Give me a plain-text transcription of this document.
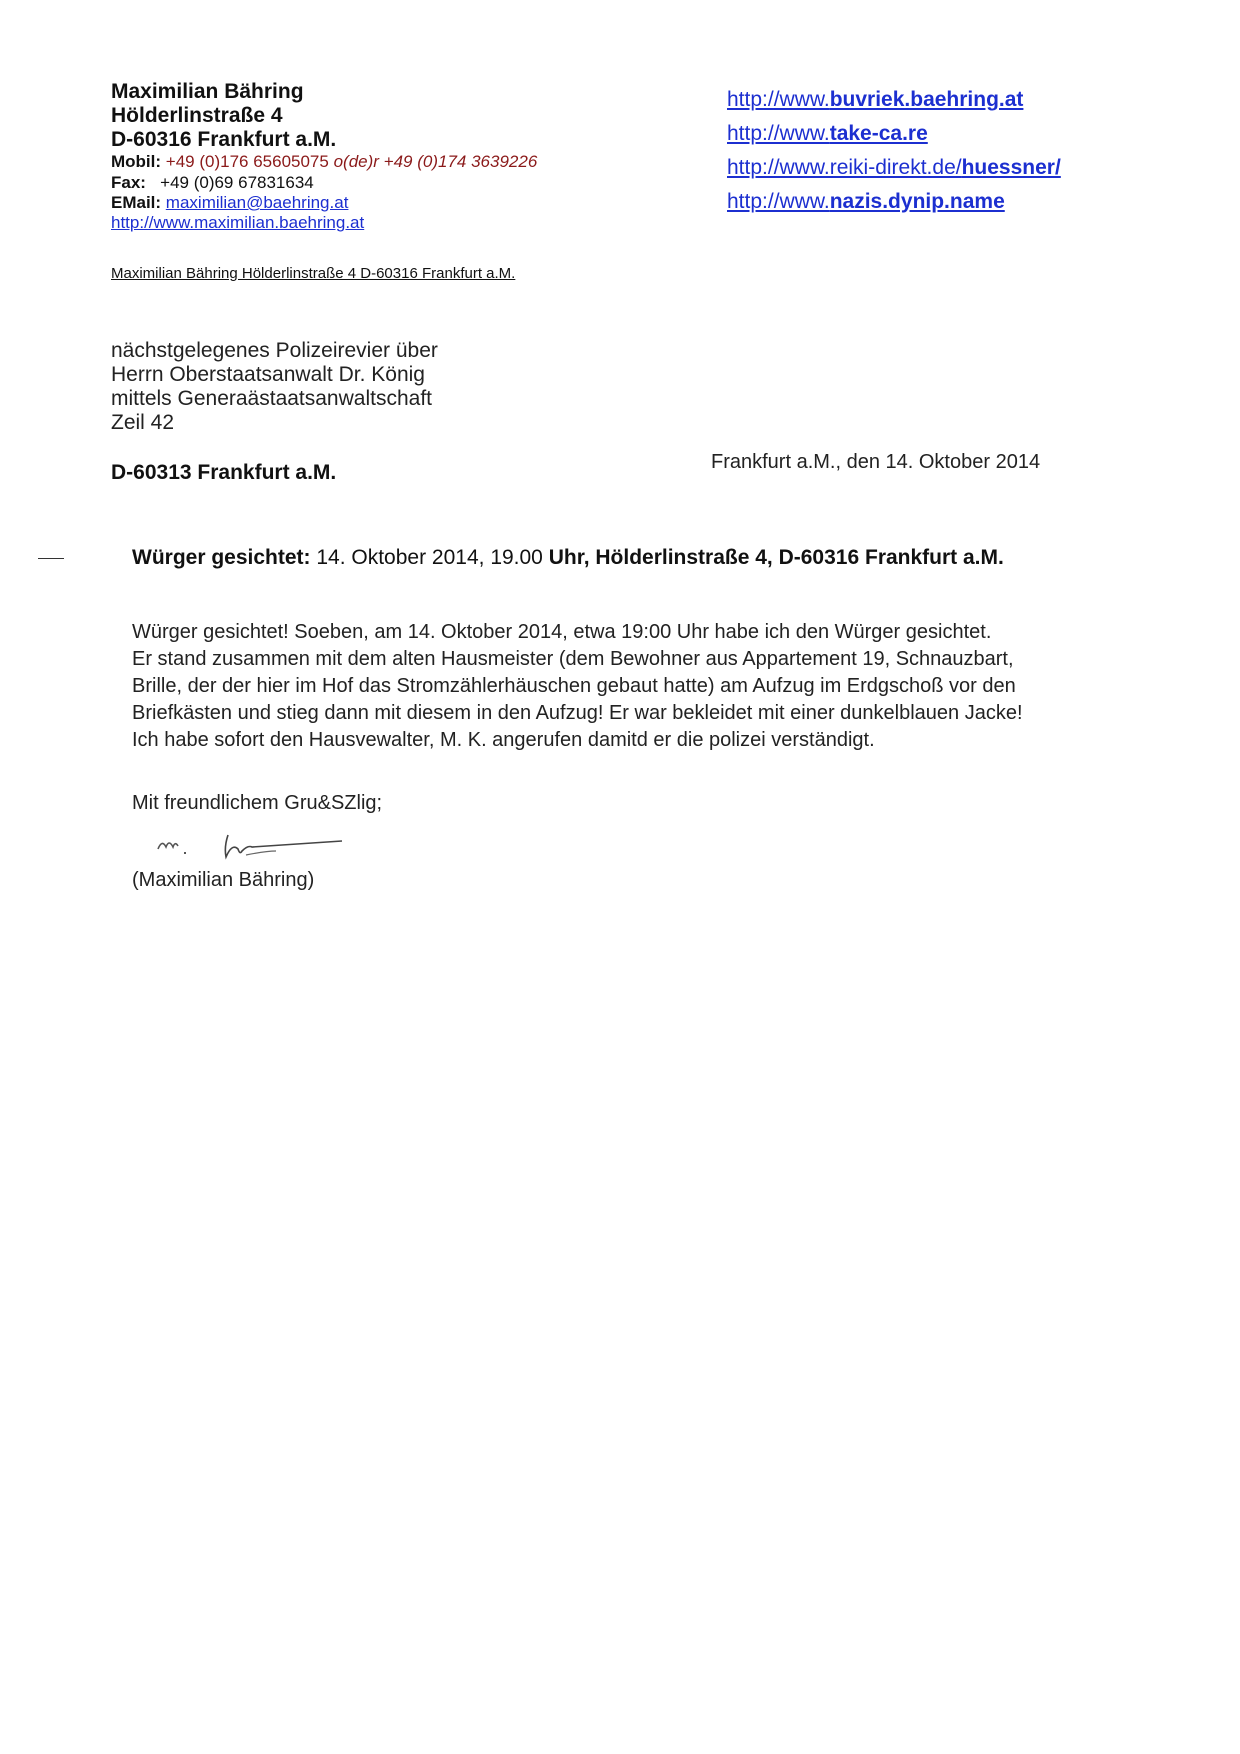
Maximilian Bähring
Hölderlinstraße 4
D-60316 Frankfurt a.M.
Mobil: +49 (0)176 65605075 o(de)r +49 (0)174 3639226
Fax: +49 (0)69 67831634
EMail: maximilian@baehring.at
http://www.maximilian.baehring.at
http://www.buvriek.baehring.at
http://www.take-ca.re
http://www.reiki-direkt.de/huessner/
http://www.nazis.dynip.name
Maximilian Bähring Hölderlinstraße 4 D-60316 Frankfurt a.M.
nächstgelegenes Polizeirevier über
Herrn Oberstaatsanwalt Dr. König
mittels Generaästaatsanwaltschaft
Zeil 42
D-60313 Frankfurt a.M.	Frankfurt a.M., den 14. Oktober 2014
Würger gesichtet: 14. Oktober 2014, 19.00 Uhr, Hölderlinstraße 4, D-60316 Frankfurt a.M.
Würger gesichtet! Soeben, am 14. Oktober 2014, etwa 19:00 Uhr habe ich den Würger gesichtet.
Er stand zusammen mit dem alten Hausmeister (dem Bewohner aus Appartement 19, Schnauzbart,
Brille, der der hier im Hof das Stromzählerhäuschen gebaut hatte) am Aufzug im Erdgschoß vor den
Briefkästen und stieg dann mit diesem in den Aufzug! Er war bekleidet mit einer dunkelblauen Jacke!
Ich habe sofort den Hausvewalter, M. K. angerufen damitd er die polizei verständigt.
Mit freundlichem Gru&SZlig;
(Maximilian Bähring)
